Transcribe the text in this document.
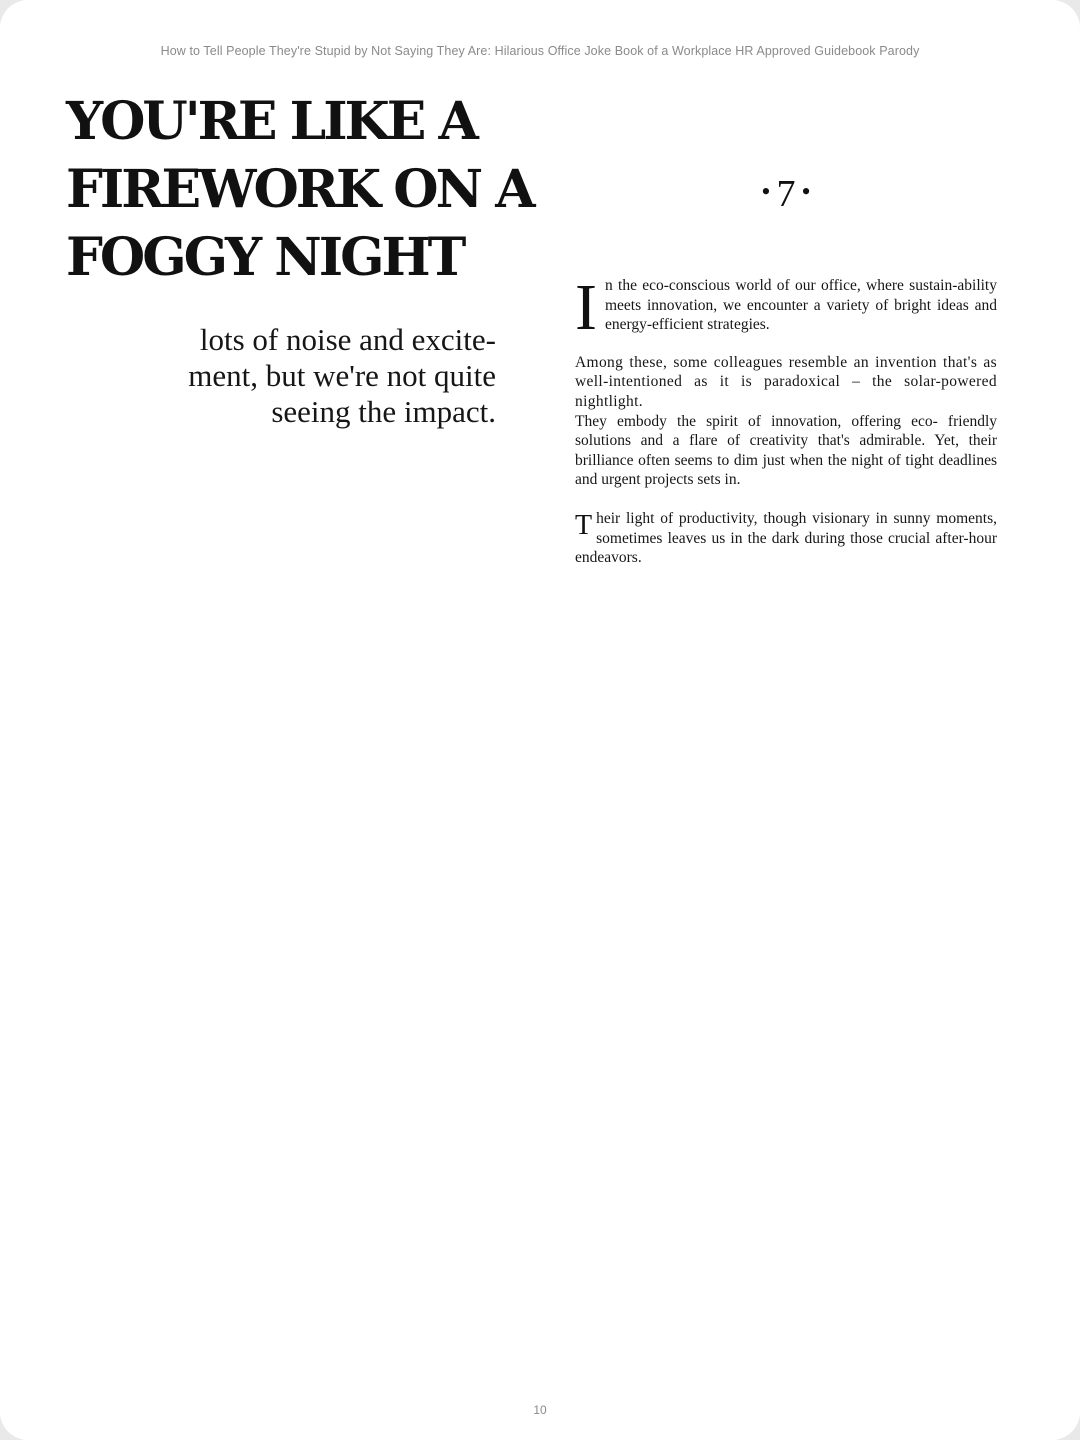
How to Tell People They're Stupid by Not Saying They Are: Hilarious Office Joke Book of a Workplace HR Approved Guidebook Parody
YOU'RE LIKE A
FIREWORK ON A
FOGGY NIGHT

lots of noise and excite-
ment, but we're not quite
seeing the impact.

• 7 •

In the eco-conscious world of our office, where sustain-ability meets innovation, we encounter a variety of bright ideas and energy-efficient strategies.

Among these, some colleagues resemble an invention that's as well-intentioned as it is paradoxical – the solar-powered nightlight.

They embody the spirit of innovation, offering eco- friendly solutions and a flare of creativity that's admirable. Yet, their brilliance often seems to dim just when the night of tight deadlines and urgent projects sets in.

Their light of productivity, though visionary in sunny moments, sometimes leaves us in the dark during those crucial after-hour endeavors.

10
